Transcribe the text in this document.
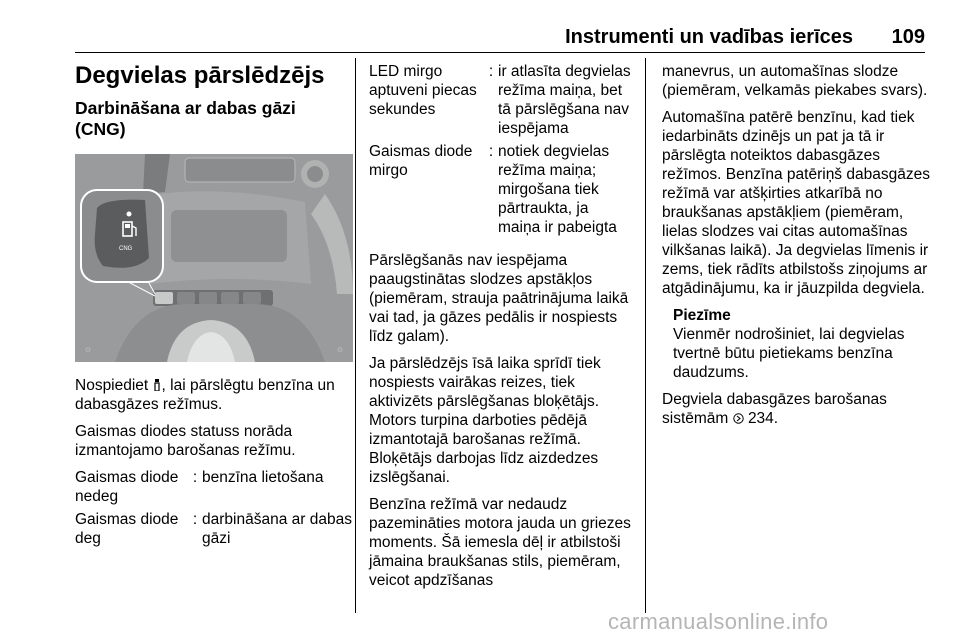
Instrumenti un vadības ierīces 109
Degvielas pārslēdzējs
Darbināšana ar dabas gāzi (CNG)
CNG
⊙	⊙

Nospiediet , lai pārslēgtu benzīna un dabasgāzes režīmus.

Gaismas diodes statuss norāda izmantojamo barošanas režīmu.

Gaismas diode nedeg
: benzīna lietošana
Gaismas diode deg
: darbināšana ar dabas gāzi
LED mirgo aptuveni piecas sekundes
: ir atlasīta degvielas režīma maiņa, bet tā pārslēgšana nav iespējama
Gaismas diode mirgo
: notiek degvielas režīma maiņa; mirgošana tiek pārtraukta, ja maiņa ir pabeigta

Pārslēgšanās nav iespējama paaugstinātas slodzes apstākļos (piemēram, strauja paātrinājuma laikā vai tad, ja gāzes pedālis ir nospiests līdz galam).

Ja pārslēdzējs īsā laika sprīdī tiek nospiests vairākas reizes, tiek aktivizēts pārslēgšanas bloķētājs. Motors turpina darboties pēdējā izmantotajā barošanas režīmā. Bloķētājs darbojas līdz aizdedzes izslēgšanai.

Benzīna režīmā var nedaudz pazemināties motora jauda un griezes moments. Šā iemesla dēļ ir atbilstoši jāmaina braukšanas stils, piemēram, veicot apdzīšanas

manevrus, un automašīnas slodze (piemēram, velkamās piekabes svars).

Automašīna patērē benzīnu, kad tiek iedarbināts dzinējs un pat ja tā ir pārslēgta noteiktos dabasgāzes režīmos. Benzīna patēriņš dabasgāzes režīmā var atšķirties atkarībā no braukšanas apstākļiem (piemēram, lielas slodzes vai citas automašīnas vilkšanas laikā). Ja degvielas līmenis ir zems, tiek rādīts atbilstošs ziņojums ar atgādinājumu, ka ir jāuzpilda degviela.

Piezīme

Vienmēr nodrošiniet, lai degvielas tvertnē būtu pietiekams benzīna daudzums.

Degviela dabasgāzes barošanas sistēmām  234.

carmanualsonline.info
